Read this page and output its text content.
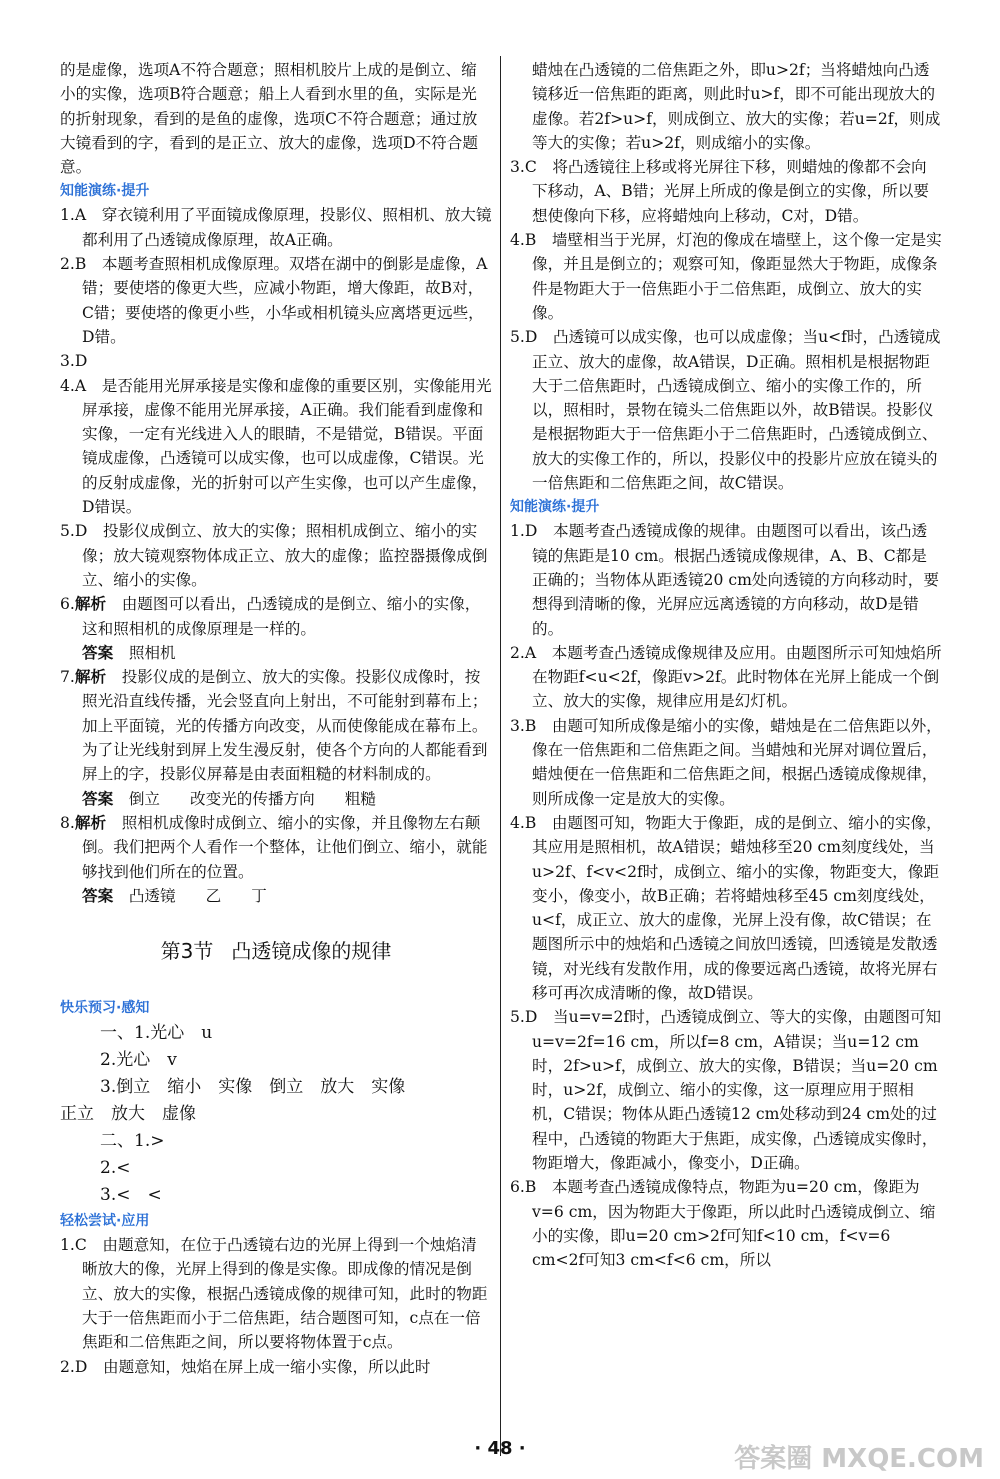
的是虚像，选项A不符合题意；照相机胶片上成的是倒立、缩小的实像，选项B符合题意；船上人看到水里的鱼，实际是光的折射现象，看到的是鱼的虚像，选项C不符合题意；通过放大镜看到的字，看到的是正立、放大的虚像，选项D不符合题意。

知能演练·提升

1.A　穿衣镜利用了平面镜成像原理，投影仪、照相机、放大镜都利用了凸透镜成像原理，故A正确。

2.B　本题考查照相机成像原理。双塔在湖中的倒影是虚像，A错；要使塔的像更大些，应减小物距，增大像距，故B对，C错；要使塔的像更小些，小华或相机镜头应离塔更远些，D错。

3.D

4.A　是否能用光屏承接是实像和虚像的重要区别，实像能用光屏承接，虚像不能用光屏承接，A正确。我们能看到虚像和实像，一定有光线进入人的眼睛，不是错觉，B错误。平面镜成虚像，凸透镜可以成实像，也可以成虚像，C错误。光的反射成虚像，光的折射可以产生实像，也可以产生虚像，D错误。

5.D　投影仪成倒立、放大的实像；照相机成倒立、缩小的实像；放大镜观察物体成正立、放大的虚像；监控器摄像成倒立、缩小的实像。

6.解析　 由题图可以看出，凸透镜成的是倒立、缩小的实像，这和照相机的成像原理是一样的。

答案　 照相机

7.解析　 投影仪成的是倒立、放大的实像。投影仪成像时，按照光沿直线传播，光会竖直向上射出，不可能射到幕布上；加上平面镜，光的传播方向改变，从而使像能成在幕布上。为了让光线射到屏上发生漫反射，使各个方向的人都能看到屏上的字，投影仪屏幕是由表面粗糙的材料制成的。

答案　 倒立 改变光的传播方向 粗糙

8.解析　 照相机成像时成倒立、缩小的实像，并且像物左右颠倒。我们把两个人看作一个整体，让他们倒立、缩小，就能够找到他们所在的位置。

答案　 凸透镜 乙 丁

第3节 凸透镜成像的规律

快乐预习·感知

一、1.光心　u

2.光心　v

3.倒立　缩小　实像　倒立　放大　实像

正立　放大　虚像

二、1.>

2.<

3.<　<

轻松尝试·应用

1.C　由题意知，在位于凸透镜右边的光屏上得到一个烛焰清晰放大的像，光屏上得到的像是实像。即成像的情况是倒立、放大的实像，根据凸透镜成像的规律可知，此时的物距大于一倍焦距而小于二倍焦距，结合题图可知，c点在一倍焦距和二倍焦距之间，所以要将物体置于c点。

2.D　由题意知，烛焰在屏上成一缩小实像，所以此时

蜡烛在凸透镜的二倍焦距之外，即u>2f；当将蜡烛向凸透镜移近一倍焦距的距离，则此时u>f，即不可能出现放大的虚像。若2f>u>f，则成倒立、放大的实像；若u=2f，则成等大的实像；若u>2f，则成缩小的实像。

3.C　将凸透镜往上移或将光屏往下移，则蜡烛的像都不会向下移动，A、B错；光屏上所成的像是倒立的实像，所以要想使像向下移，应将蜡烛向上移动，C对，D错。

4.B　墙壁相当于光屏，灯泡的像成在墙壁上，这个像一定是实像，并且是倒立的；观察可知，像距显然大于物距，成像条件是物距大于一倍焦距小于二倍焦距，成倒立、放大的实像。

5.D　凸透镜可以成实像，也可以成虚像；当u<f时，凸透镜成正立、放大的虚像，故A错误，D正确。照相机是根据物距大于二倍焦距时，凸透镜成倒立、缩小的实像工作的，所以，照相时，景物在镜头二倍焦距以外，故B错误。投影仪是根据物距大于一倍焦距小于二倍焦距时，凸透镜成倒立、放大的实像工作的，所以，投影仪中的投影片应放在镜头的一倍焦距和二倍焦距之间，故C错误。

知能演练·提升

1.D　本题考查凸透镜成像的规律。由题图可以看出，该凸透镜的焦距是10 cm。根据凸透镜成像规律，A、B、C都是正确的；当物体从距透镜20 cm处向透镜的方向移动时，要想得到清晰的像，光屏应远离透镜的方向移动，故D是错的。

2.A　本题考查凸透镜成像规律及应用。由题图所示可知烛焰所在物距f<u<2f，像距v>2f。此时物体在光屏上能成一个倒立、放大的实像，规律应用是幻灯机。

3.B　由题可知所成像是缩小的实像，蜡烛是在二倍焦距以外，像在一倍焦距和二倍焦距之间。当蜡烛和光屏对调位置后，蜡烛便在一倍焦距和二倍焦距之间，根据凸透镜成像规律，则所成像一定是放大的实像。

4.B　由题图可知，物距大于像距，成的是倒立、缩小的实像，其应用是照相机，故A错误；蜡烛移至20 cm刻度线处，当u>2f、f<v<2f时，成倒立、缩小的实像，物距变大，像距变小，像变小，故B正确；若将蜡烛移至45 cm刻度线处，u<f，成正立、放大的虚像，光屏上没有像，故C错误；在题图所示中的烛焰和凸透镜之间放凹透镜，凹透镜是发散透镜，对光线有发散作用，成的像要远离凸透镜，故将光屏右移可再次成清晰的像，故D错误。

5.D　当u=v=2f时，凸透镜成倒立、等大的实像，由题图可知u=v=2f=16 cm，所以f=8 cm，A错误；当u=12 cm时，2f>u>f，成倒立、放大的实像，B错误；当u=20 cm时，u>2f，成倒立、缩小的实像，这一原理应用于照相机，C错误；物体从距凸透镜12 cm处移动到24 cm处的过程中，凸透镜的物距大于焦距，成实像，凸透镜成实像时，物距增大，像距减小，像变小，D正确。

6.B　本题考查凸透镜成像特点，物距为u=20 cm，像距为v=6 cm，因为物距大于像距，所以此时凸透镜成倒立、缩小的实像，即u=20 cm>2f可知f<10 cm，f<v=6 cm<2f可知3 cm<f<6 cm，所以

· 48 ·	答案圈 MXQE.COM
